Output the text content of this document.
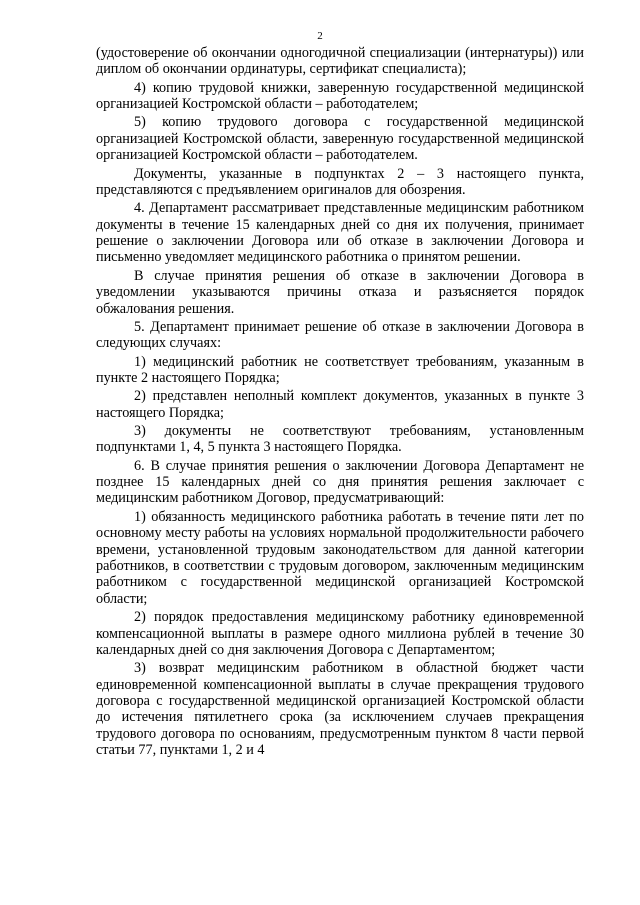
2

(удостоверение об окончании одногодичной специализации (интернатуры)) или диплом об окончании ординатуры, сертификат специалиста);

4) копию трудовой книжки, заверенную государственной медицинской организацией Костромской области – работодателем;

5) копию трудового договора с государственной медицинской организацией Костромской области, заверенную государственной медицинской организацией Костромской области – работодателем.

Документы, указанные в подпунктах 2 – 3 настоящего пункта, представляются с предъявлением оригиналов для обозрения.

4. Департамент рассматривает представленные медицинским работником документы в течение 15 календарных дней со дня их получения, принимает решение о заключении Договора или об отказе в заключении Договора и письменно уведомляет медицинского работника о принятом решении.

В случае принятия решения об отказе в заключении Договора в уведомлении указываются причины отказа и разъясняется порядок обжалования решения.

5. Департамент принимает решение об отказе в заключении Договора в следующих случаях:

1) медицинский работник не соответствует требованиям, указанным в пункте 2 настоящего Порядка;

2) представлен неполный комплект документов, указанных в пункте 3 настоящего Порядка;

3) документы не соответствуют требованиям, установленным подпунктами 1, 4, 5 пункта 3 настоящего Порядка.

6. В случае принятия решения о заключении Договора Департамент не позднее 15 календарных дней со дня принятия решения заключает с медицинским работником Договор, предусматривающий:

1) обязанность медицинского работника работать в течение пяти лет по основному месту работы на условиях нормальной продолжительности рабочего времени, установленной трудовым законодательством для данной категории работников, в соответствии с трудовым договором, заключенным медицинским работником с государственной медицинской организацией Костромской области;

2) порядок предоставления медицинскому работнику единовременной компенсационной выплаты в размере одного миллиона рублей в течение 30 календарных дней со дня заключения Договора с Департаментом;

3) возврат медицинским работником в областной бюджет части единовременной компенсационной выплаты в случае прекращения трудового договора с государственной медицинской организацией Костромской области до истечения пятилетнего срока (за исключением случаев прекращения трудового договора по основаниям, предусмотренным пунктом 8 части первой статьи 77, пунктами 1, 2 и 4
